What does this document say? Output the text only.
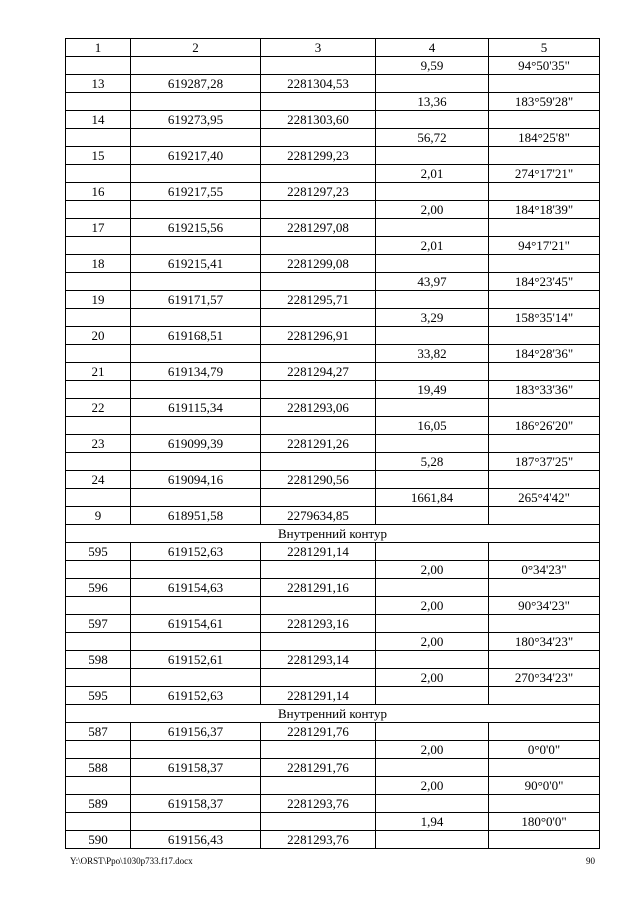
1	2	3	4	5
			9,59	94°50'35"
13	619287,28	2281304,53		
			13,36	183°59'28"
14	619273,95	2281303,60		
			56,72	184°25'8"
15	619217,40	2281299,23		
			2,01	274°17'21"
16	619217,55	2281297,23		
			2,00	184°18'39"
17	619215,56	2281297,08		
			2,01	94°17'21"
18	619215,41	2281299,08		
			43,97	184°23'45"
19	619171,57	2281295,71		
			3,29	158°35'14"
20	619168,51	2281296,91		
			33,82	184°28'36"
21	619134,79	2281294,27		
			19,49	183°33'36"
22	619115,34	2281293,06		
			16,05	186°26'20"
23	619099,39	2281291,26		
			5,28	187°37'25"
24	619094,16	2281290,56		
			1661,84	265°4'42"
9	618951,58	2279634,85		
Внутренний контур				
595	619152,63	2281291,14		
			2,00	0°34'23"
596	619154,63	2281291,16		
			2,00	90°34'23"
597	619154,61	2281293,16		
			2,00	180°34'23"
598	619152,61	2281293,14		
			2,00	270°34'23"
595	619152,63	2281291,14		
Внутренний контур				
587	619156,37	2281291,76		
			2,00	0°0'0"
588	619158,37	2281291,76		
			2,00	90°0'0"
589	619158,37	2281293,76		
			1,94	180°0'0"
590	619156,43	2281293,76		
Y:\ORST\Ppo\1030p733.f17.docx	90
